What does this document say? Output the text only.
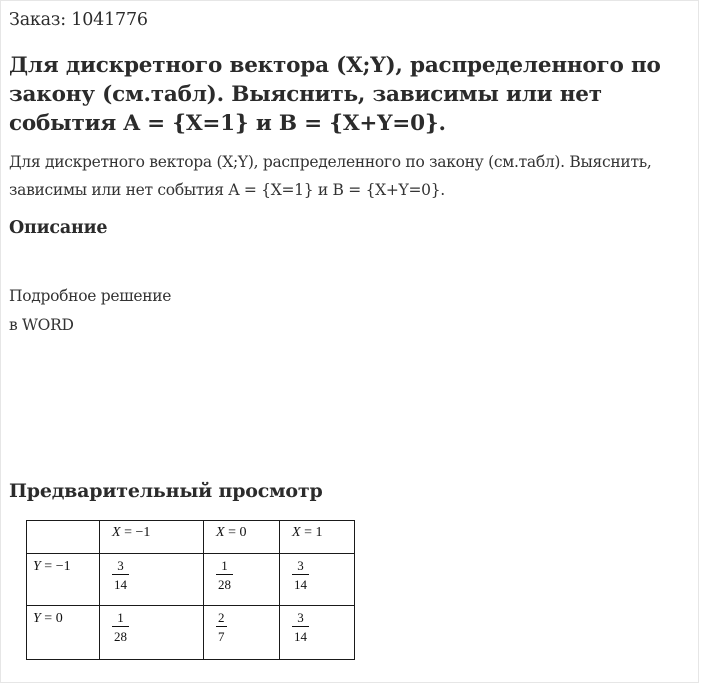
Заказ: 1041776
Для дискретного вектора (X;Y), распределенного по закону (см.табл). Выяснить, зависимы или нет события A = {X=1} и B = {X+Y=0}.
Для дискретного вектора (X;Y), распределенного по закону (см.табл). Выяснить, зависимы или нет события A = {X=1} и B = {X+Y=0}.
Описание
Подробное решение
в WORD
Предварительный просмотр

	X = −1	X = 0	X = 1

Y = −1	$\frac{3}{14}$	$\frac{1}{28}$	$\frac{3}{14}$

Y = 0	$\frac{1}{28}$	$\frac{2}{7}$	$\frac{3}{14}$
